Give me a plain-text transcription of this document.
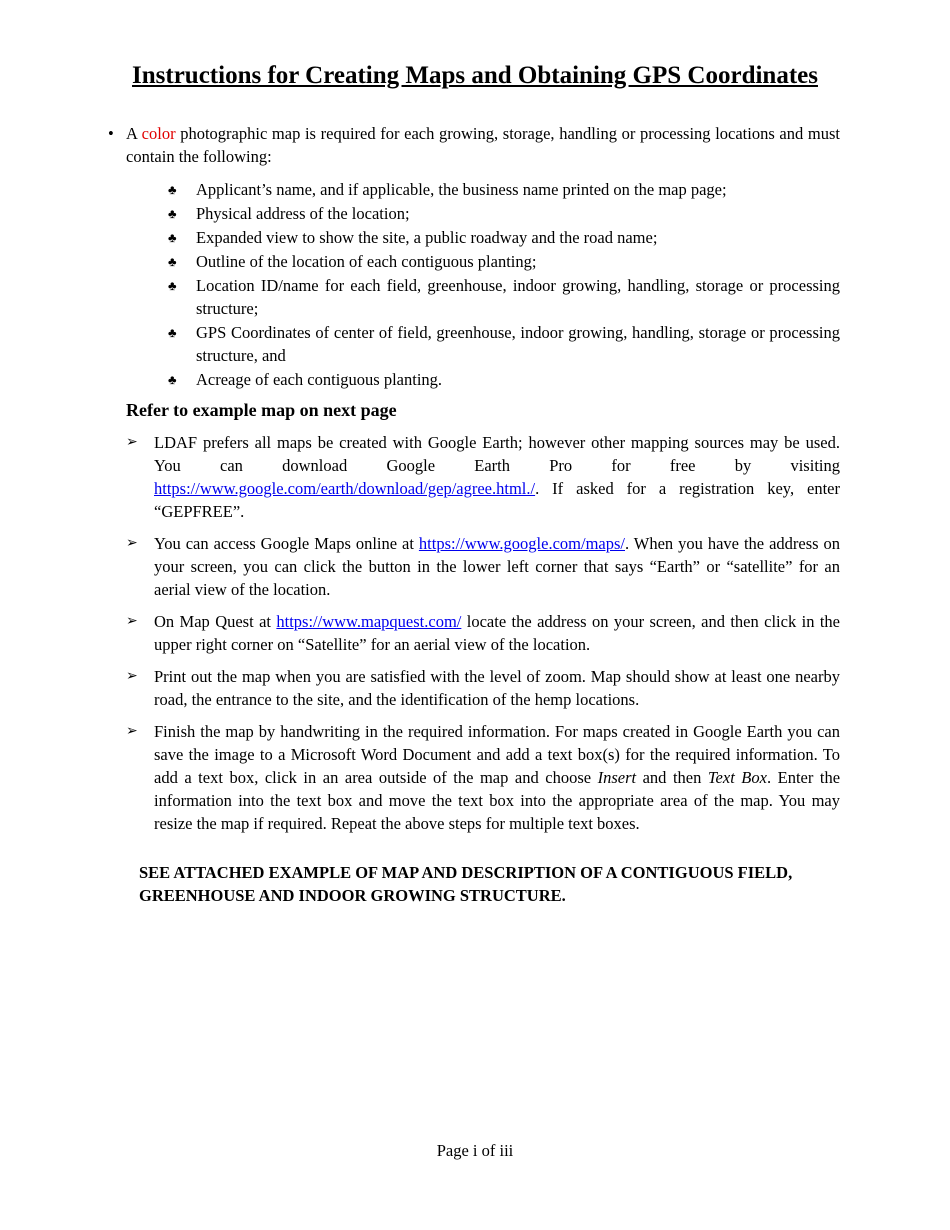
Instructions for Creating Maps and Obtaining GPS Coordinates
• A color photographic map is required for each growing, storage, handling or processing locations and must contain the following:

♣ Applicant’s name, and if applicable, the business name printed on the map page;
♣ Physical address of the location;
♣ Expanded view to show the site, a public roadway and the road name;
♣ Outline of the location of each contiguous planting;
♣ Location ID/name for each field, greenhouse, indoor growing, handling, storage or processing structure;
♣ GPS Coordinates of center of field, greenhouse, indoor growing, handling, storage or processing structure, and
♣ Acreage of each contiguous planting.
Refer to example map on next page
➢ LDAF prefers all maps be created with Google Earth; however other mapping sources may be used. You can download Google Earth Pro for free by visiting https://www.google.com/earth/download/gep/agree.html./. If asked for a registration key, enter “GEPFREE”.
➢ You can access Google Maps online at https://www.google.com/maps/. When you have the address on your screen, you can click the button in the lower left corner that says “Earth” or “satellite” for an aerial view of the location.
➢ On Map Quest at https://www.mapquest.com/ locate the address on your screen, and then click in the upper right corner on “Satellite” for an aerial view of the location.
➢ Print out the map when you are satisfied with the level of zoom. Map should show at least one nearby road, the entrance to the site, and the identification of the hemp locations.
➢ Finish the map by handwriting in the required information. For maps created in Google Earth you can save the image to a Microsoft Word Document and add a text box(s) for the required information. To add a text box, click in an area outside of the map and choose Insert and then Text Box. Enter the information into the text box and move the text box into the appropriate area of the map. You may resize the map if required. Repeat the above steps for multiple text boxes.

SEE ATTACHED EXAMPLE OF MAP AND DESCRIPTION OF A CONTIGUOUS FIELD, GREENHOUSE AND INDOOR GROWING STRUCTURE.

Page i of iii
